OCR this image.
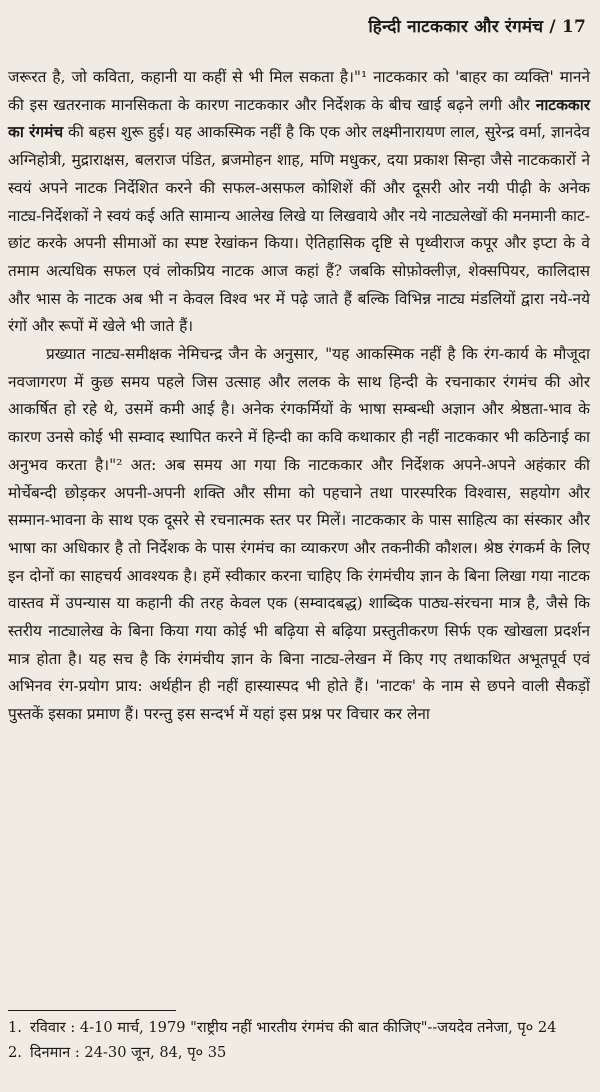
हिन्दी नाटककार और रंगमंच / 17

जरूरत है, जो कविता, कहानी या कहीं से भी मिल सकता है।"¹ नाटककार को 'बाहर का व्यक्ति' मानने की इस खतरनाक मानसिकता के कारण नाटककार और निर्देशक के बीच खाई बढ़ने लगी और नाटककार का रंगमंच की बहस शुरू हुई। यह आकस्मिक नहीं है कि एक ओर लक्ष्मीनारायण लाल, सुरेन्द्र वर्मा, ज्ञानदेव अग्निहोत्री, मुद्राराक्षस, बलराज पंडित, ब्रजमोहन शाह, मणि मधुकर, दया प्रकाश सिन्हा जैसे नाटककारों ने स्वयं अपने नाटक निर्देशित करने की सफल-असफल कोशिशें कीं और दूसरी ओर नयी पीढ़ी के अनेक नाट्य-निर्देशकों ने स्वयं कई अति सामान्य आलेख लिखे या लिखवाये और नये नाट्यलेखों की मनमानी काट-छांट करके अपनी सीमाओं का स्पष्ट रेखांकन किया। ऐतिहासिक दृष्टि से पृथ्वीराज कपूर और इप्टा के वे तमाम अत्यधिक सफल एवं लोकप्रिय नाटक आज कहां हैं? जबकि सोफ़ोक्लीज़, शेक्सपियर, कालिदास और भास के नाटक अब भी न केवल विश्व भर में पढ़े जाते हैं बल्कि विभिन्न नाट्य मंडलियों द्वारा नये-नये रंगों और रूपों में खेले भी जाते हैं।

प्रख्यात नाट्य-समीक्षक नेमिचन्द्र जैन के अनुसार, "यह आकस्मिक नहीं है कि रंग-कार्य के मौजूदा नवजागरण में कुछ समय पहले जिस उत्साह और ललक के साथ हिन्दी के रचनाकार रंगमंच की ओर आकर्षित हो रहे थे, उसमें कमी आई है। अनेक रंगकर्मियों के भाषा सम्बन्धी अज्ञान और श्रेष्ठता-भाव के कारण उनसे कोई भी सम्वाद स्थापित करने में हिन्दी का कवि कथाकार ही नहीं नाटककार भी कठिनाई का अनुभव करता है।"² अत: अब समय आ गया कि नाटककार और निर्देशक अपने-अपने अहंकार की मोर्चेबन्दी छोड़कर अपनी-अपनी शक्ति और सीमा को पहचाने तथा पारस्परिक विश्वास, सहयोग और सम्मान-भावना के साथ एक दूसरे से रचनात्मक स्तर पर मिलें। नाटककार के पास साहित्य का संस्कार और भाषा का अधिकार है तो निर्देशक के पास रंगमंच का व्याकरण और तकनीकी कौशल। श्रेष्ठ रंगकर्म के लिए इन दोनों का साहचर्य आवश्यक है। हमें स्वीकार करना चाहिए कि रंगमंचीय ज्ञान के बिना लिखा गया नाटक वास्तव में उपन्यास या कहानी की तरह केवल एक (सम्वादबद्ध) शाब्दिक पाठ्य-संरचना मात्र है, जैसे कि स्तरीय नाट्यालेख के बिना किया गया कोई भी बढ़िया से बढ़िया प्रस्तुतीकरण सिर्फ एक खोखला प्रदर्शन मात्र होता है। यह सच है कि रंगमंचीय ज्ञान के बिना नाट्य-लेखन में किए गए तथाकथित अभूतपूर्व एवं अभिनव रंग-प्रयोग प्राय: अर्थहीन ही नहीं हास्यास्पद भी होते हैं। 'नाटक' के नाम से छपने वाली सैकड़ों पुस्तकें इसका प्रमाण हैं। परन्तु इस सन्दर्भ में यहां इस प्रश्न पर विचार कर लेना

1. रविवार : 4-10 मार्च, 1979 "राष्ट्रीय नहीं भारतीय रंगमंच की बात कीजिए"--जयदेव तनेजा, पृ० 24
2. दिनमान : 24-30 जून, 84, पृ० 35
